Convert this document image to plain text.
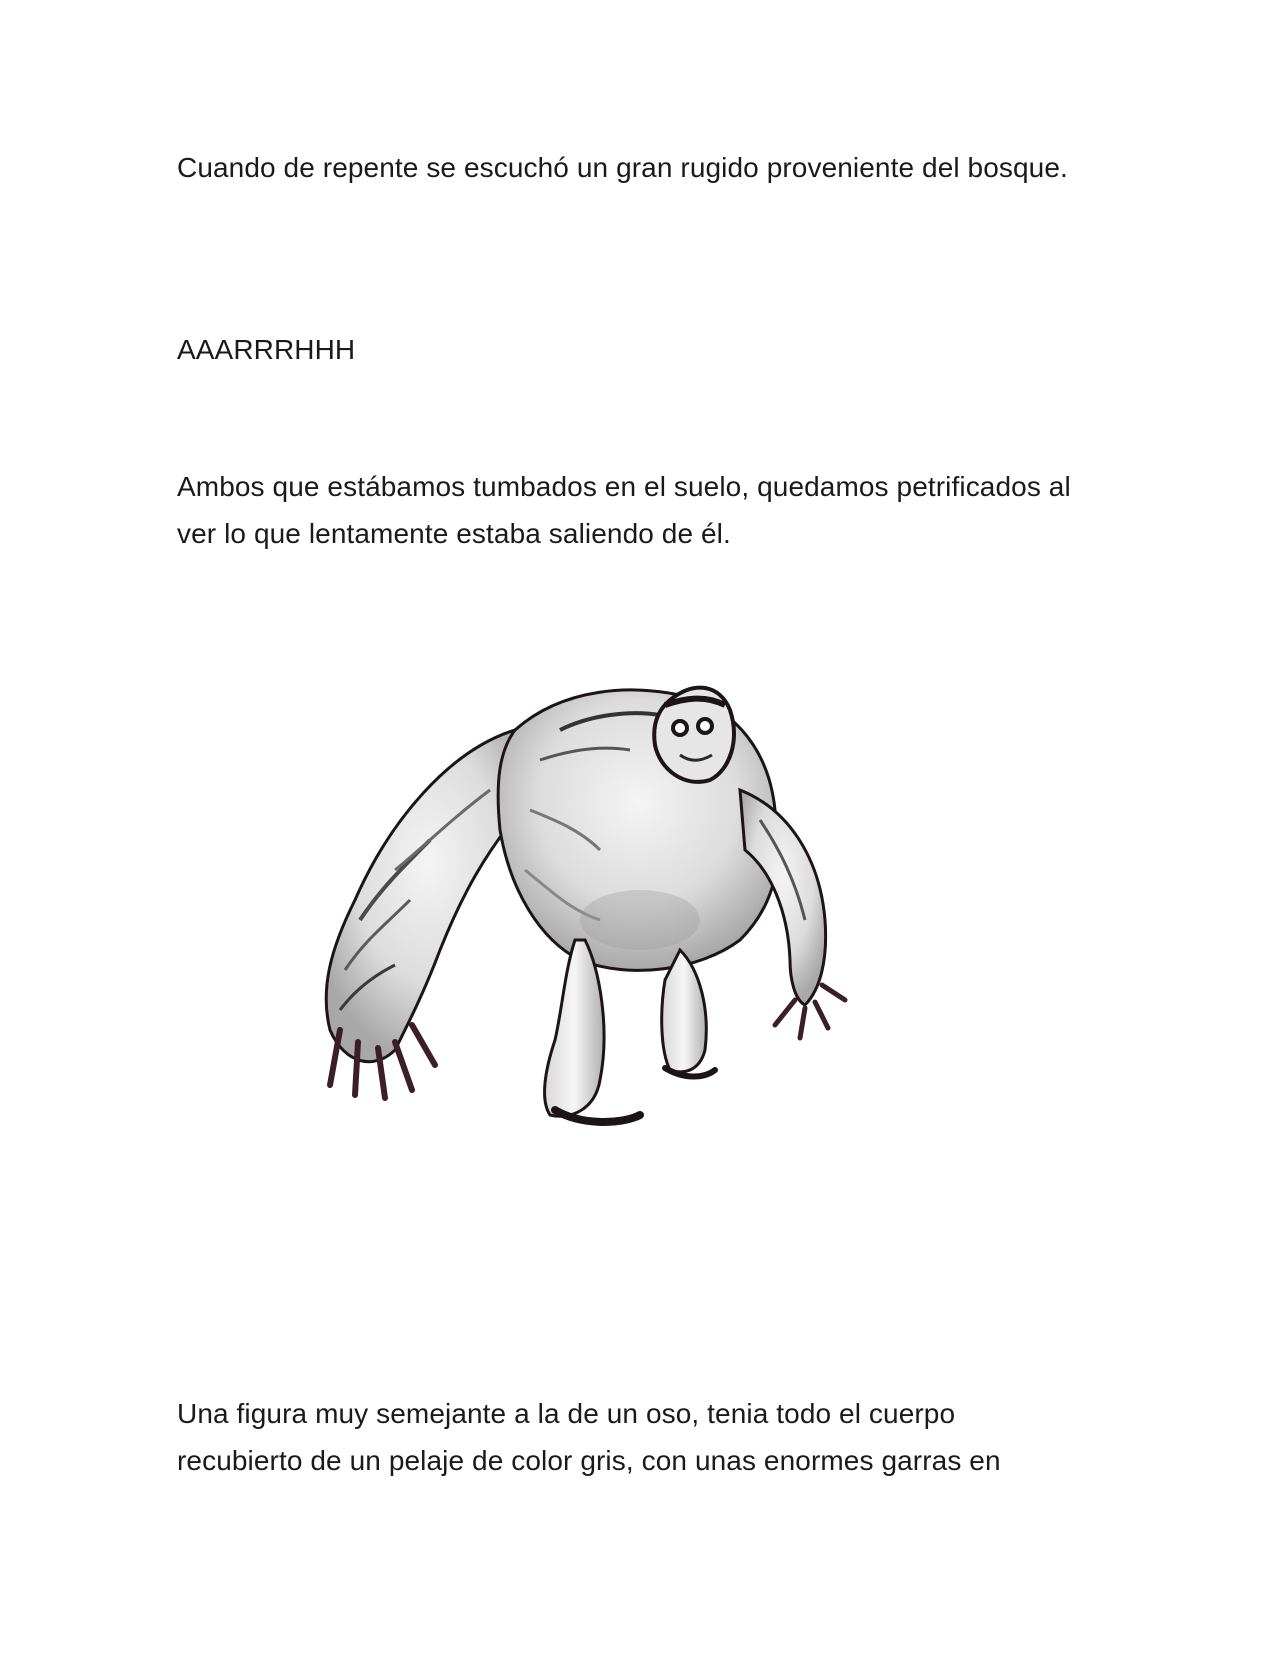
Cuando de repente se escuchó un gran rugido proveniente del bosque.

AAARRRHHH

Ambos que estábamos tumbados en el suelo, quedamos petrificados al ver lo que lentamente estaba saliendo de él.

Una figura muy semejante a la de un oso, tenia todo el cuerpo recubierto de un pelaje de color gris, con unas enormes garras en
